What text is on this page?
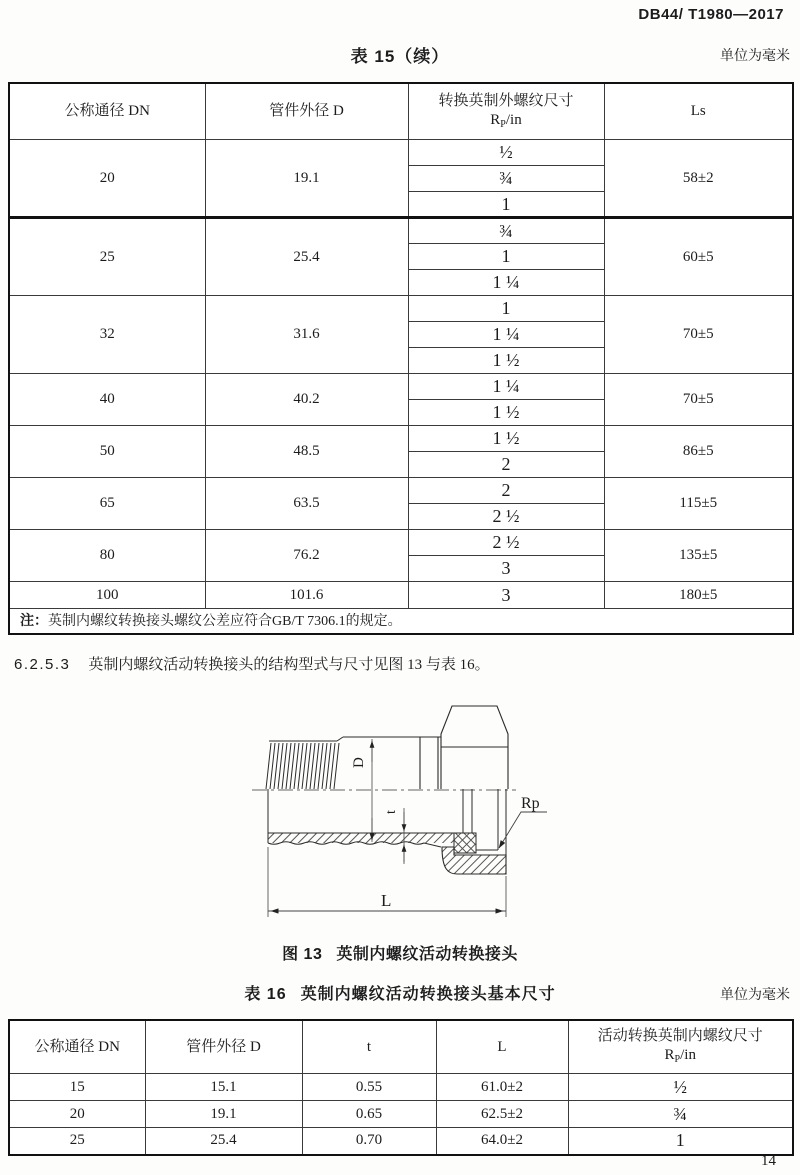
DB44/ T1980—2017
表 15（续）	单位为毫米
公称通径 DN	管件外径 D	转换英制外螺纹尺寸
$R_P/in$	Ls
20	19.1	½	58±2
		¾	
		1	
25	25.4	¾	60±5
		1	
		1 ¼	
32	31.6	1	70±5
		1 ¼	
		1 ½	
40	40.2	1 ¼	70±5
		1 ½	
50	48.5	1 ½	86±5
		2	
65	63.5	2	115±5
		2 ½	
80	76.2	2 ½	135±5
		3	
100	101.6	3	180±5
注：英制内螺纹转换接头螺纹公差应符合GB/T 7306.1的规定。			
6.2.5.3 英制内螺纹活动转换接头的结构型式与尺寸见图 13 与表 16。
D
t
L
Rp
图 13 英制内螺纹活动转换接头
表 16 英制内螺纹活动转换接头基本尺寸	单位为毫米
公称通径 DN	管件外径 D	t	L	活动转换英制内螺纹尺寸
$R_P/in$

15	15.1	0.55	61.0±2	½
20	19.1	0.65	62.5±2	¾
25	25.4	0.70	64.0±2	1
14
